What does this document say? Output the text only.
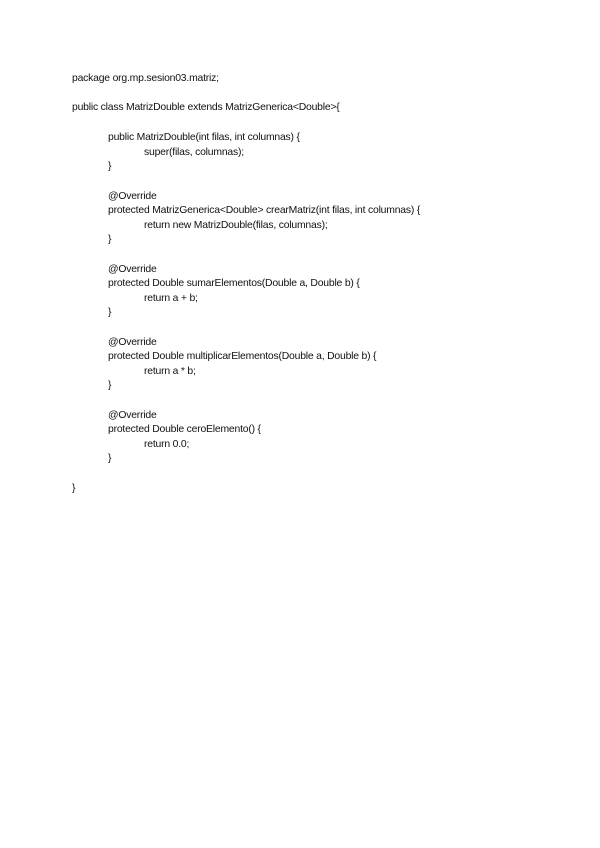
package org.mp.sesion03.matriz;
public class MatrizDouble extends MatrizGenerica<Double>{
public MatrizDouble(int filas, int columnas) {
super(filas, columnas);
}
@Override
protected MatrizGenerica<Double> crearMatriz(int filas, int columnas) {
return new MatrizDouble(filas, columnas);
}
@Override
protected Double sumarElementos(Double a, Double b) {
return a + b;
}
@Override
protected Double multiplicarElementos(Double a, Double b) {
return a * b;
}
@Override
protected Double ceroElemento() {
return 0.0;
}
}
